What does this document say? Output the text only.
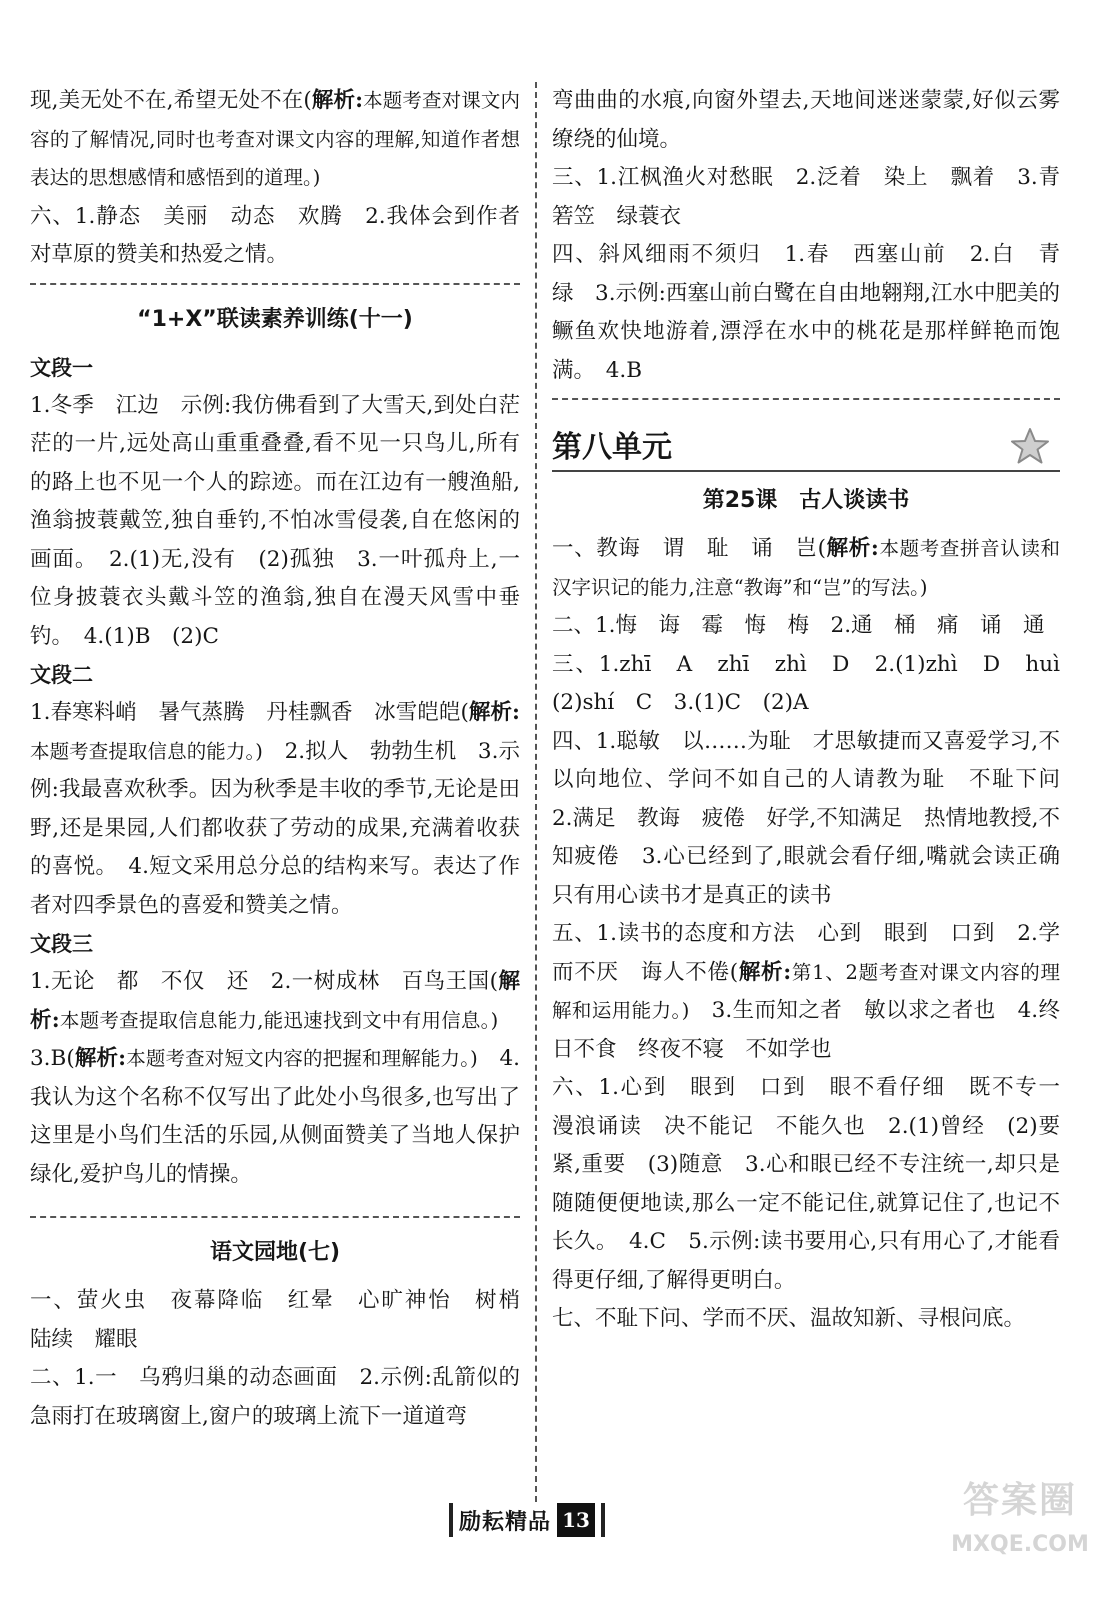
现,美无处不在,希望无处不在(解析:本题考查对课文内容的了解情况,同时也考查对课文内容的理解,知道作者想表达的思想感情和感悟到的道理。)

六、1.静态　美丽　动态　欢腾　2.我体会到作者对草原的赞美和热爱之情。

“1+X”联读素养训练(十一)

文段一

1.冬季　江边　示例:我仿佛看到了大雪天,到处白茫茫的一片,远处高山重重叠叠,看不见一只鸟儿,所有的路上也不见一个人的踪迹。而在江边有一艘渔船,渔翁披蓑戴笠,独自垂钓,不怕冰雪侵袭,自在悠闲的画面。　2.(1)无,没有　(2)孤独　3.一叶孤舟上,一位身披蓑衣头戴斗笠的渔翁,独自在漫天风雪中垂钓。　4.(1)B　(2)C

文段二

1.春寒料峭　暑气蒸腾　丹桂飘香　冰雪皑皑(解析:本题考查提取信息的能力。)　2.拟人　勃勃生机　3.示例:我最喜欢秋季。因为秋季是丰收的季节,无论是田野,还是果园,人们都收获了劳动的成果,充满着收获的喜悦。　4.短文采用总分总的结构来写。表达了作者对四季景色的喜爱和赞美之情。

文段三

1.无论　都　不仅　还　2.一树成林　百鸟王国(解析:本题考查提取信息能力,能迅速找到文中有用信息。)　3.B(解析:本题考查对短文内容的把握和理解能力。)　4.我认为这个名称不仅写出了此处小鸟很多,也写出了这里是小鸟们生活的乐园,从侧面赞美了当地人保护绿化,爱护鸟儿的情操。

语文园地(七)

一、萤火虫　夜幕降临　红晕　心旷神怡　树梢　陆续　耀眼

二、1.一　乌鸦归巢的动态画面　2.示例:乱箭似的急雨打在玻璃窗上,窗户的玻璃上流下一道道弯

弯曲曲的水痕,向窗外望去,天地间迷迷蒙蒙,好似云雾缭绕的仙境。

三、1.江枫渔火对愁眠　2.泛着　染上　飘着　3.青箬笠　绿蓑衣

四、斜风细雨不须归　1.春　西塞山前　2.白　青　绿　3.示例:西塞山前白鹭在自由地翱翔,江水中肥美的鳜鱼欢快地游着,漂浮在水中的桃花是那样鲜艳而饱满。　4.B

第八单元

第25课　古人谈读书

一、教诲　谓　耻　诵　岂(解析:本题考查拼音认读和汉字识记的能力,注意“教诲”和“岂”的写法。)

二、1.悔　诲　霉　悔　梅　2.通　桶　痛　诵　通

三、1.zhī　A　zhī　zhì　D　2.(1)zhì　D　huì　(2)shí　C　3.(1)C　(2)A

四、1.聪敏　以……为耻　才思敏捷而又喜爱学习,不以向地位、学问不如自己的人请教为耻　不耻下问　2.满足　教诲　疲倦　好学,不知满足　热情地教授,不知疲倦　3.心已经到了,眼就会看仔细,嘴就会读正确　只有用心读书才是真正的读书

五、1.读书的态度和方法　心到　眼到　口到　2.学而不厌　诲人不倦(解析:第1、2题考查对课文内容的理解和运用能力。)　3.生而知之者　敏以求之者也　4.终日不食　终夜不寝　不如学也

六、1.心到　眼到　口到　眼不看仔细　既不专一　漫浪诵读　决不能记　不能久也　2.(1)曾经　(2)要紧,重要　(3)随意　3.心和眼已经不专注统一,却只是随随便便地读,那么一定不能记住,就算记住了,也记不长久。　4.C　5.示例:读书要用心,只有用心了,才能看得更仔细,了解得更明白。

七、不耻下问、学而不厌、温故知新、寻根问底。

励耘精品 13	答案圈
MXQE.COM
